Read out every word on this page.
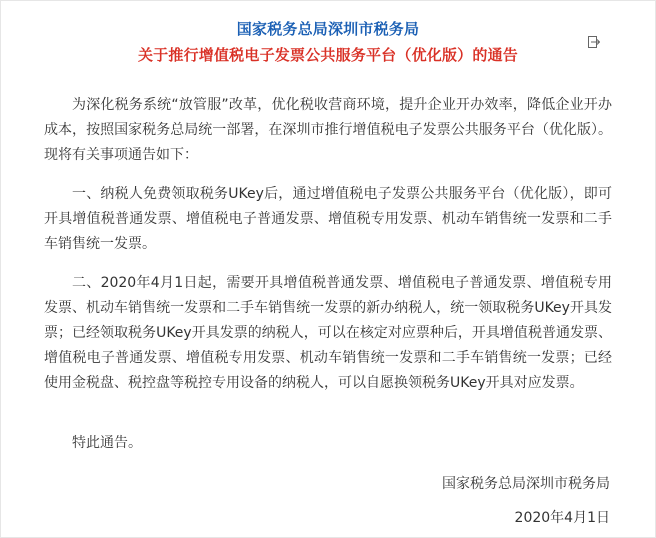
国家税务总局深圳市税务局
关于推行增值税电子发票公共服务平台（优化版）的通告

为深化税务系统“放管服”改革，优化税收营商环境，提升企业开办效率，降低企业开办成本，按照国家税务总局统一部署，在深圳市推行增值税电子发票公共服务平台（优化版）。现将有关事项通告如下：

一、纳税人免费领取税务UKey后，通过增值税电子发票公共服务平台（优化版），即可开具增值税普通发票、增值税电子普通发票、增值税专用发票、机动车销售统一发票和二手车销售统一发票。

二、2020年4月1日起，需要开具增值税普通发票、增值税电子普通发票、增值税专用发票、机动车销售统一发票和二手车销售统一发票的新办纳税人，统一领取税务UKey开具发票；已经领取税务UKey开具发票的纳税人，可以在核定对应票种后，开具增值税普通发票、增值税电子普通发票、增值税专用发票、机动车销售统一发票和二手车销售统一发票；已经使用金税盘、税控盘等税控专用设备的纳税人，可以自愿换领税务UKey开具对应发票。

特此通告。

国家税务总局深圳市税务局
2020年4月1日
